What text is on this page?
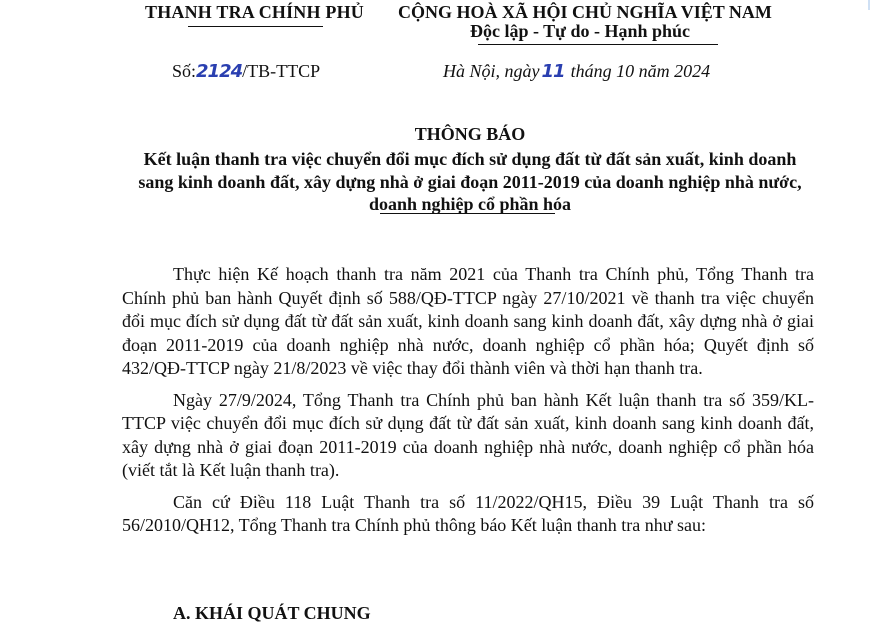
THANH TRA CHÍNH PHỦ CỘNG HOÀ XÃ HỘI CHỦ NGHĨA VIỆT NAM
Độc lập - Tự do - Hạnh phúc
Số:2124/TB-TTCP	Hà Nội, ngày 11 tháng 10 năm 2024
THÔNG BÁO
Kết luận thanh tra việc chuyển đổi mục đích sử dụng đất từ đất sản xuất, kinh doanh sang kinh doanh đất, xây dựng nhà ở giai đoạn 2011-2019 của doanh nghiệp nhà nước, doanh nghiệp cổ phần hóa

Thực hiện Kế hoạch thanh tra năm 2021 của Thanh tra Chính phủ, Tổng Thanh tra Chính phủ ban hành Quyết định số 588/QĐ-TTCP ngày 27/10/2021 về thanh tra việc chuyển đổi mục đích sử dụng đất từ đất sản xuất, kinh doanh sang kinh doanh đất, xây dựng nhà ở giai đoạn 2011-2019 của doanh nghiệp nhà nước, doanh nghiệp cổ phần hóa; Quyết định số 432/QĐ-TTCP ngày 21/8/2023 về việc thay đổi thành viên và thời hạn thanh tra.

Ngày 27/9/2024, Tổng Thanh tra Chính phủ ban hành Kết luận thanh tra số 359/KL-TTCP việc chuyển đổi mục đích sử dụng đất từ đất sản xuất, kinh doanh sang kinh doanh đất, xây dựng nhà ở giai đoạn 2011-2019 của doanh nghiệp nhà nước, doanh nghiệp cổ phần hóa (viết tắt là Kết luận thanh tra).

Căn cứ Điều 118 Luật Thanh tra số 11/2022/QH15, Điều 39 Luật Thanh tra số 56/2010/QH12, Tổng Thanh tra Chính phủ thông báo Kết luận thanh tra như sau:

A. KHÁI QUÁT CHUNG
